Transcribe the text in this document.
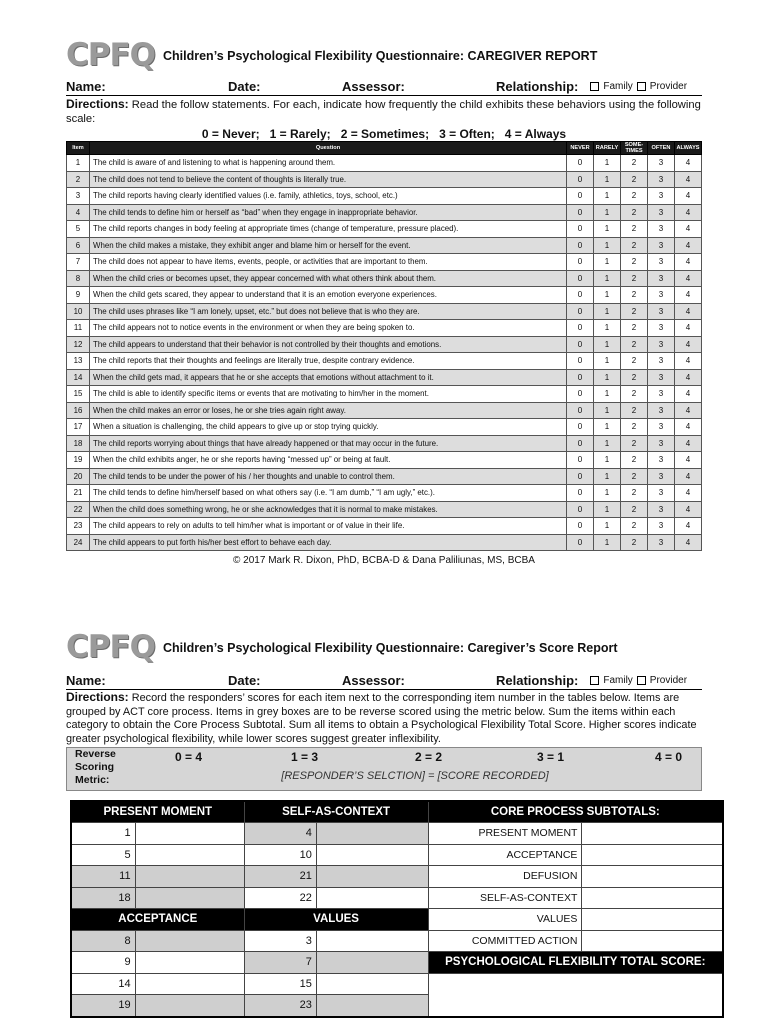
CPFQ Children’s Psychological Flexibility Questionnaire: CAREGIVER REPORT
Name:	Date:	Assessor:	Relationship:	Family Provider
Directions: Read the follow statements. For each, indicate how frequently the child exhibits these behaviors using the following scale:
0 = Never; 1 = Rarely; 2 = Sometimes; 3 = Often; 4 = Always
Item	Question	NEVER	RARELY	SOME-TIMES	OFTEN	ALWAYS
1	The child is aware of and listening to what is happening around them.	0	1	2	3	4
2	The child does not tend to believe the content of thoughts is literally true.	0	1	2	3	4
3	The child reports having clearly identified values (i.e. family, athletics, toys, school, etc.)	0	1	2	3	4
4	The child tends to define him or herself as “bad” when they engage in inappropriate behavior.	0	1	2	3	4
5	The child reports changes in body feeling at appropriate times (change of temperature, pressure placed).	0	1	2	3	4
6	When the child makes a mistake, they exhibit anger and blame him or herself for the event.	0	1	2	3	4
7	The child does not appear to have items, events, people, or activities that are important to them.	0	1	2	3	4
8	When the child cries or becomes upset, they appear concerned with what others think about them.	0	1	2	3	4
9	When the child gets scared, they appear to understand that it is an emotion everyone experiences.	0	1	2	3	4
10	The child uses phrases like “I am lonely, upset, etc.” but does not believe that is who they are.	0	1	2	3	4
11	The child appears not to notice events in the environment or when they are being spoken to.	0	1	2	3	4
12	The child appears to understand that their behavior is not controlled by their thoughts and emotions.	0	1	2	3	4
13	The child reports that their thoughts and feelings are literally true, despite contrary evidence.	0	1	2	3	4
14	When the child gets mad, it appears that he or she accepts that emotions without attachment to it.	0	1	2	3	4
15	The child is able to identify specific items or events that are motivating to him/her in the moment.	0	1	2	3	4
16	When the child makes an error or loses, he or she tries again right away.	0	1	2	3	4
17	When a situation is challenging, the child appears to give up or stop trying quickly.	0	1	2	3	4
18	The child reports worrying about things that have already happened or that may occur in the future.	0	1	2	3	4
19	When the child exhibits anger, he or she reports having “messed up” or being at fault.	0	1	2	3	4
20	The child tends to be under the power of his / her thoughts and unable to control them.	0	1	2	3	4
21	The child tends to define him/herself based on what others say (i.e. “I am dumb,” “I am ugly,” etc.).	0	1	2	3	4
22	When the child does something wrong, he or she acknowledges that it is normal to make mistakes.	0	1	2	3	4
23	The child appears to rely on adults to tell him/her what is important or of value in their life.	0	1	2	3	4
24	The child appears to put forth his/her best effort to behave each day.	0	1	2	3	4
© 2017 Mark R. Dixon, PhD, BCBA-D & Dana Paliliunas, MS, BCBA
CPFQ Children’s Psychological Flexibility Questionnaire: Caregiver’s Score Report
Name:	Date:	Assessor:	Relationship:	Family Provider
Directions: Record the responders’ scores for each item next to the corresponding item number in the tables below. Items are grouped by ACT core process. Items in grey boxes are to be reverse scored using the metric below. Sum the items within each category to obtain the Core Process Subtotal. Sum all items to obtain a Psychological Flexibility Total Score. Higher scores indicate greater psychological flexibility, while lower scores suggest greater inflexibility.
Reverse Scoring Metric:
0 = 4	1 = 3	2 = 2	3 = 1	4 = 0
[RESPONDER’S SELCTION] = [SCORE RECORDED]
PRESENT MOMENT		SELF-AS-CONTEXT		CORE PROCESS SUBTOTALS:	
1		4		PRESENT MOMENT	
5		10		ACCEPTANCE	
11		21		DEFUSION	
18		22		SELF-AS-CONTEXT	
ACCEPTANCE		VALUES		VALUES	
8		3		COMMITTED ACTION	
9		7		PSYCHOLOGICAL FLEXIBILITY TOTAL SCORE:	
14		15			
19		23			
